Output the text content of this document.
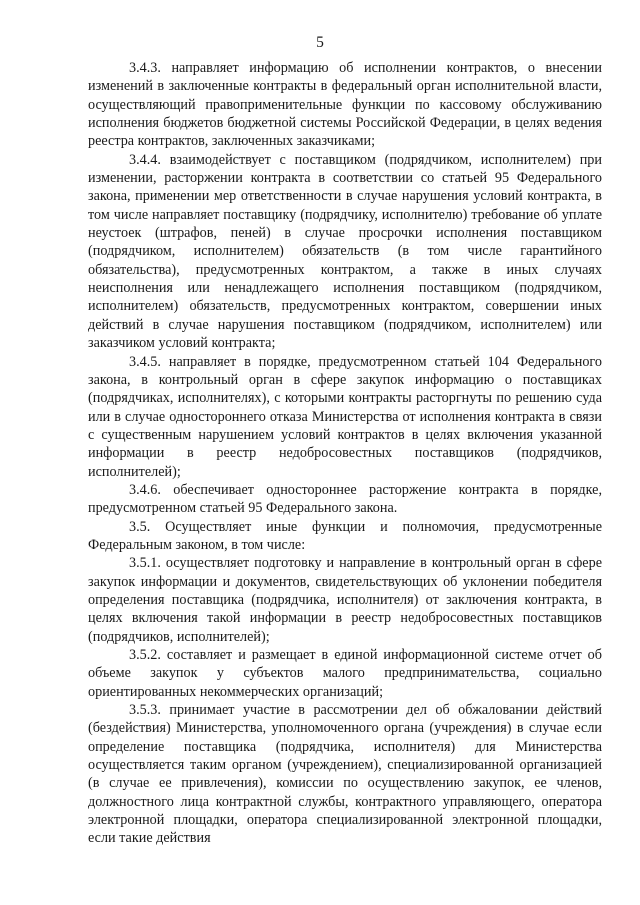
5

3.4.3. направляет информацию об исполнении контрактов, о внесении изменений в заключенные контракты в федеральный орган исполнительной власти, осуществляющий правоприменительные функции по кассовому обслуживанию исполнения бюджетов бюджетной системы Российской Федерации, в целях ведения реестра контрактов, заключенных заказчиками;

3.4.4. взаимодействует с поставщиком (подрядчиком, исполнителем) при изменении, расторжении контракта в соответствии со статьей 95 Федерального закона, применении мер ответственности в случае нарушения условий контракта, в том числе направляет поставщику (подрядчику, исполнителю) требование об уплате неустоек (штрафов, пеней) в случае просрочки исполнения поставщиком (подрядчиком, исполнителем) обязательств (в том числе гарантийного обязательства), предусмотренных контрактом, а также в иных случаях неисполнения или ненадлежащего исполнения поставщиком (подрядчиком, исполнителем) обязательств, предусмотренных контрактом, совершении иных действий в случае нарушения поставщиком (подрядчиком, исполнителем) или заказчиком условий контракта;

3.4.5. направляет в порядке, предусмотренном статьей 104 Федерального закона, в контрольный орган в сфере закупок информацию о поставщиках (подрядчиках, исполнителях), с которыми контракты расторгнуты по решению суда или в случае одностороннего отказа Министерства от исполнения контракта в связи с существенным нарушением условий контрактов в целях включения указанной информации в реестр недобросовестных поставщиков (подрядчиков, исполнителей);

3.4.6. обеспечивает одностороннее расторжение контракта в порядке, предусмотренном статьей 95 Федерального закона.

3.5. Осуществляет иные функции и полномочия, предусмотренные Федеральным законом, в том числе:

3.5.1. осуществляет подготовку и направление в контрольный орган в сфере закупок информации и документов, свидетельствующих об уклонении победителя определения поставщика (подрядчика, исполнителя) от заключения контракта, в целях включения такой информации в реестр недобросовестных поставщиков (подрядчиков, исполнителей);

3.5.2. составляет и размещает в единой информационной системе отчет об объеме закупок у субъектов малого предпринимательства, социально ориентированных некоммерческих организаций;

3.5.3. принимает участие в рассмотрении дел об обжаловании действий (бездействия) Министерства, уполномоченного органа (учреждения) в случае если определение поставщика (подрядчика, исполнителя) для Министерства осуществляется таким органом (учреждением), специализированной организацией (в случае ее привлечения), комиссии по осуществлению закупок, ее членов, должностного лица контрактной службы, контрактного управляющего, оператора электронной площадки, оператора специализированной электронной площадки, если такие действия
